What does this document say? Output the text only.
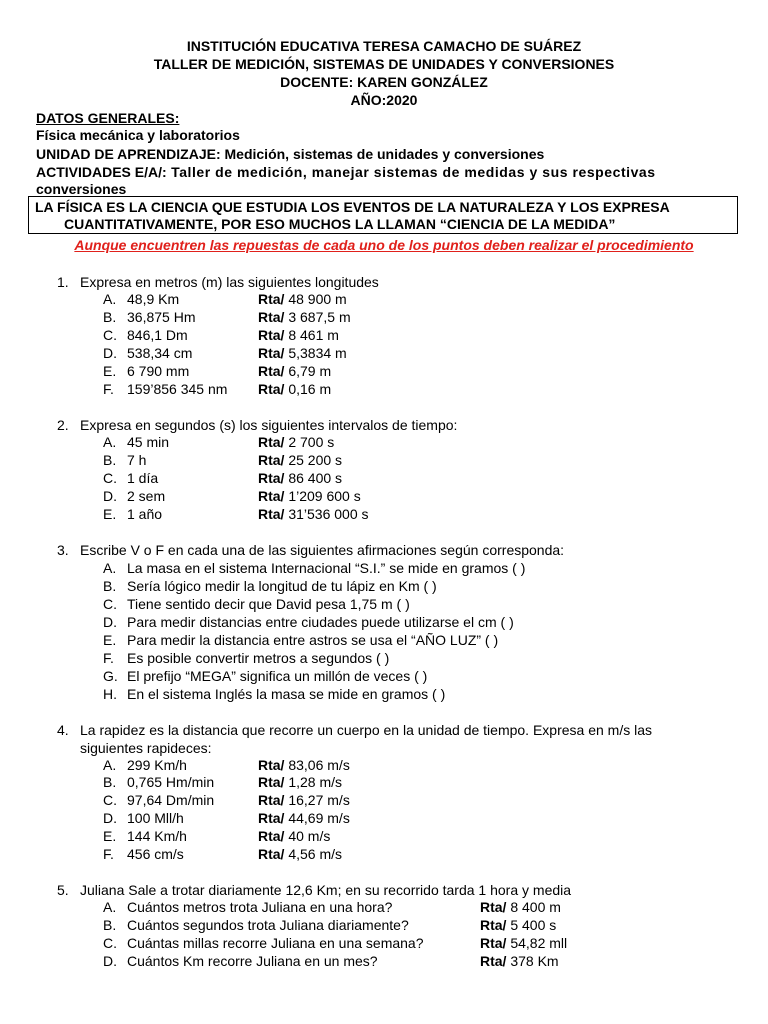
INSTITUCIÓN EDUCATIVA TERESA CAMACHO DE SUÁREZ
TALLER DE MEDICIÓN, SISTEMAS DE UNIDADES Y CONVERSIONES
DOCENTE: KAREN GONZÁLEZ
AÑO:2020
DATOS GENERALES:
Física mecánica y laboratorios
UNIDAD DE APRENDIZAJE: Medición, sistemas de unidades y conversiones
ACTIVIDADES E/A/: Taller de medición, manejar sistemas de medidas y sus respectivas
conversiones
LA FÍSICA ES LA CIENCIA QUE ESTUDIA LOS EVENTOS DE LA NATURALEZA Y LOS EXPRESA
CUANTITATIVAMENTE, POR ESO MUCHOS LA LLAMAN “CIENCIA DE LA MEDIDA”
Aunque encuentren las repuestas de cada uno de los puntos deben realizar el procedimiento
1. Expresa en metros (m) las siguientes longitudes
A. 48,9 Km	Rta/ 48 900 m
B. 36,875 Hm	Rta/ 3 687,5 m
C. 846,1 Dm	Rta/ 8 461 m
D. 538,34 cm	Rta/ 5,3834 m
E. 6 790 mm	Rta/ 6,79 m
F. 159’856 345 nm Rta/ 0,16 m
2. Expresa en segundos (s) los siguientes intervalos de tiempo:
A. 45 min	Rta/ 2 700 s
B. 7 h	Rta/ 25 200 s
C. 1 día	Rta/ 86 400 s
D. 2 sem	Rta/ 1’209 600 s
E. 1 año	Rta/ 31’536 000 s
3. Escribe V o F en cada una de las siguientes afirmaciones según corresponda:
A. La masa en el sistema Internacional “S.I.” se mide en gramos ( )
B. Sería lógico medir la longitud de tu lápiz en Km ( )
C. Tiene sentido decir que David pesa 1,75 m ( )
D. Para medir distancias entre ciudades puede utilizarse el cm ( )
E. Para medir la distancia entre astros se usa el “AÑO LUZ” ( )
F. Es posible convertir metros a segundos ( )
G. El prefijo “MEGA” significa un millón de veces ( )
H. En el sistema Inglés la masa se mide en gramos ( )
4. La rapidez es la distancia que recorre un cuerpo en la unidad de tiempo. Expresa en m/s las
siguientes rapideces:
A. 299 Km/h	Rta/ 83,06 m/s
B. 0,765 Hm/min	Rta/ 1,28 m/s
C. 97,64 Dm/min	Rta/ 16,27 m/s
D. 100 Mll/h	Rta/ 44,69 m/s
E. 144 Km/h	Rta/ 40 m/s
F. 456 cm/s	Rta/ 4,56 m/s
5. Juliana Sale a trotar diariamente 12,6 Km; en su recorrido tarda 1 hora y media
A. Cuántos metros trota Juliana en una hora?	Rta/ 8 400 m
B. Cuántos segundos trota Juliana diariamente?	Rta/ 5 400 s
C. Cuántas millas recorre Juliana en una semana?	Rta/ 54,82 mll
D. Cuántos Km recorre Juliana en un mes?	Rta/ 378 Km
